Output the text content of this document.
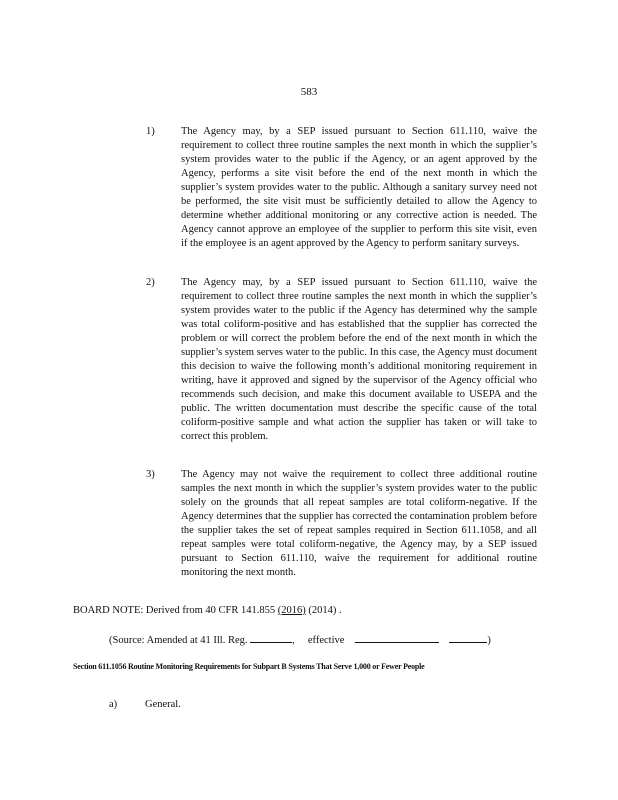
583
1)	The Agency may, by a SEP issued pursuant to Section 611.110, waive the requirement to collect three routine samples the next month in which the supplier’s system provides water to the public if the Agency, or an agent approved by the Agency, performs a site visit before the end of the next month in which the supplier’s system provides water to the public. Although a sanitary survey need not be performed, the site visit must be sufficiently detailed to allow the Agency to determine whether additional monitoring or any corrective action is needed. The Agency cannot approve an employee of the supplier to perform this site visit, even if the employee is an agent approved by the Agency to perform sanitary surveys.

2)	The Agency may, by a SEP issued pursuant to Section 611.110, waive the requirement to collect three routine samples the next month in which the supplier’s system provides water to the public if the Agency has determined why the sample was total coliform-positive and has established that the supplier has corrected the problem or will correct the problem before the end of the next month in which the supplier’s system serves water to the public. In this case, the Agency must document this decision to waive the following month’s additional monitoring requirement in writing, have it approved and signed by the supervisor of the Agency official who recommends such decision, and make this document available to USEPA and the public. The written documentation must describe the specific cause of the total coliform-positive sample and what action the supplier has taken or will take to correct this problem.

3)	The Agency may not waive the requirement to collect three additional routine samples the next month in which the supplier’s system provides water to the public solely on the grounds that all repeat samples are total coliform-negative. If the Agency determines that the supplier has corrected the contamination problem before the supplier takes the set of repeat samples required in Section 611.1058, and all repeat samples were total coliform-negative, the Agency may, by a SEP issued pursuant to Section 611.110, waive the requirement for additional routine monitoring the next month.

BOARD NOTE: Derived from 40 CFR 141.855 (2016) (2014) .
(Source: Amended at 41 Ill. Reg.	, effective	)

Section 611.1056 Routine Monitoring Requirements for Subpart B Systems That Serve 1,000 or Fewer People

a)	General.
